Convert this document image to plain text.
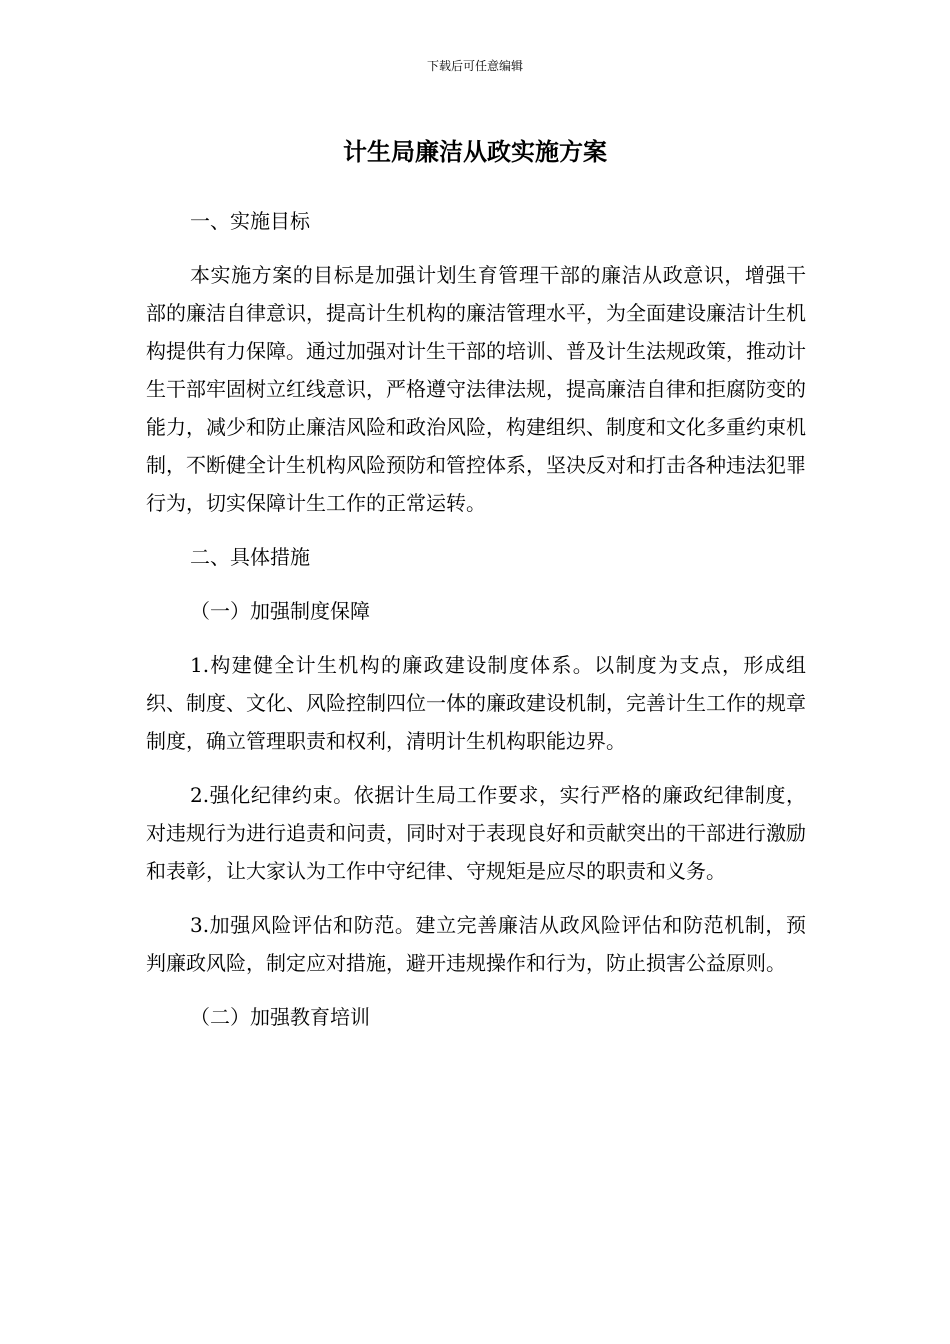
下载后可任意编辑
计生局廉洁从政实施方案

一、实施目标

本实施方案的目标是加强计划生育管理干部的廉洁从政意识，增强干部的廉洁自律意识，提高计生机构的廉洁管理水平，为全面建设廉洁计生机构提供有力保障。通过加强对计生干部的培训、普及计生法规政策，推动计生干部牢固树立红线意识，严格遵守法律法规，提高廉洁自律和拒腐防变的能力，减少和防止廉洁风险和政治风险，构建组织、制度和文化多重约束机制，不断健全计生机构风险预防和管控体系，坚决反对和打击各种违法犯罪行为，切实保障计生工作的正常运转。

二、具体措施

（一）加强制度保障

1.构建健全计生机构的廉政建设制度体系。以制度为支点，形成组织、制度、文化、风险控制四位一体的廉政建设机制，完善计生工作的规章制度，确立管理职责和权利，清明计生机构职能边界。

2.强化纪律约束。依据计生局工作要求，实行严格的廉政纪律制度，对违规行为进行追责和问责，同时对于表现良好和贡献突出的干部进行激励和表彰，让大家认为工作中守纪律、守规矩是应尽的职责和义务。

3.加强风险评估和防范。建立完善廉洁从政风险评估和防范机制，预判廉政风险，制定应对措施，避开违规操作和行为，防止损害公益原则。

（二）加强教育培训
